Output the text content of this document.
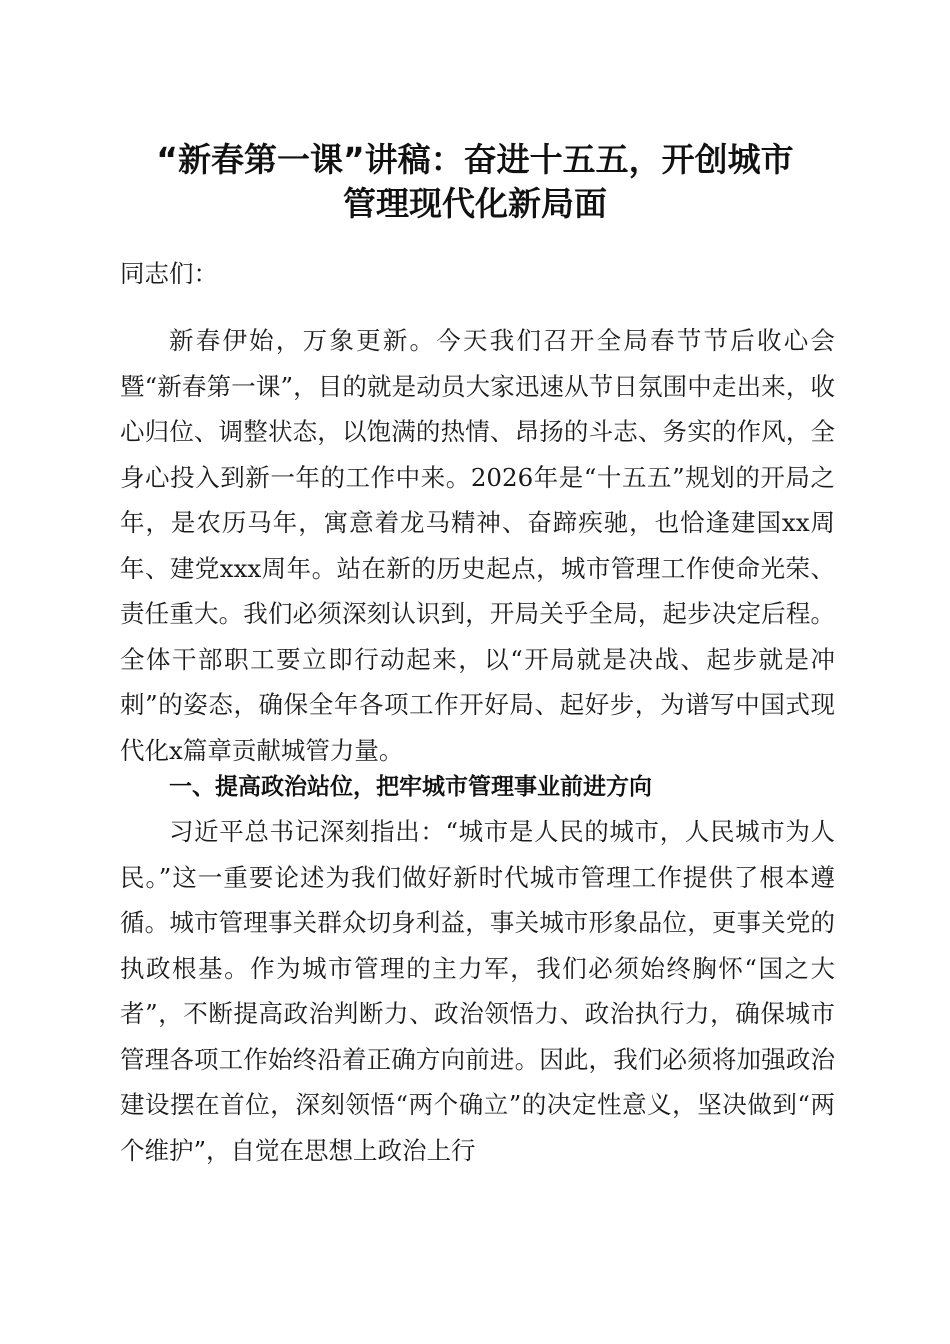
“新春第一课”讲稿：奋进十五五，开创城市
管理现代化新局面

同志们：

新春伊始，万象更新。今天我们召开全局春节节后收心会暨“新春第一课”，目的就是动员大家迅速从节日氛围中走出来，收心归位、调整状态，以饱满的热情、昂扬的斗志、务实的作风，全身心投入到新一年的工作中来。2026年是“十五五”规划的开局之年，是农历马年，寓意着龙马精神、奋蹄疾驰，也恰逢建国xx周年、建党xxx周年。站在新的历史起点，城市管理工作使命光荣、责任重大。我们必须深刻认识到，开局关乎全局，起步决定后程。全体干部职工要立即行动起来，以“开局就是决战、起步就是冲刺”的姿态，确保全年各项工作开好局、起好步，为谱写中国式现代化x篇章贡献城管力量。

一、提高政治站位，把牢城市管理事业前进方向

习近平总书记深刻指出：“城市是人民的城市，人民城市为人民。”这一重要论述为我们做好新时代城市管理工作提供了根本遵循。城市管理事关群众切身利益，事关城市形象品位，更事关党的执政根基。作为城市管理的主力军，我们必须始终胸怀“国之大者”，不断提高政治判断力、政治领悟力、政治执行力，确保城市管理各项工作始终沿着正确方向前进。因此，我们必须将加强政治建设摆在首位，深刻领悟“两个确立”的决定性意义，坚决做到“两个维护”，自觉在思想上政治上行
